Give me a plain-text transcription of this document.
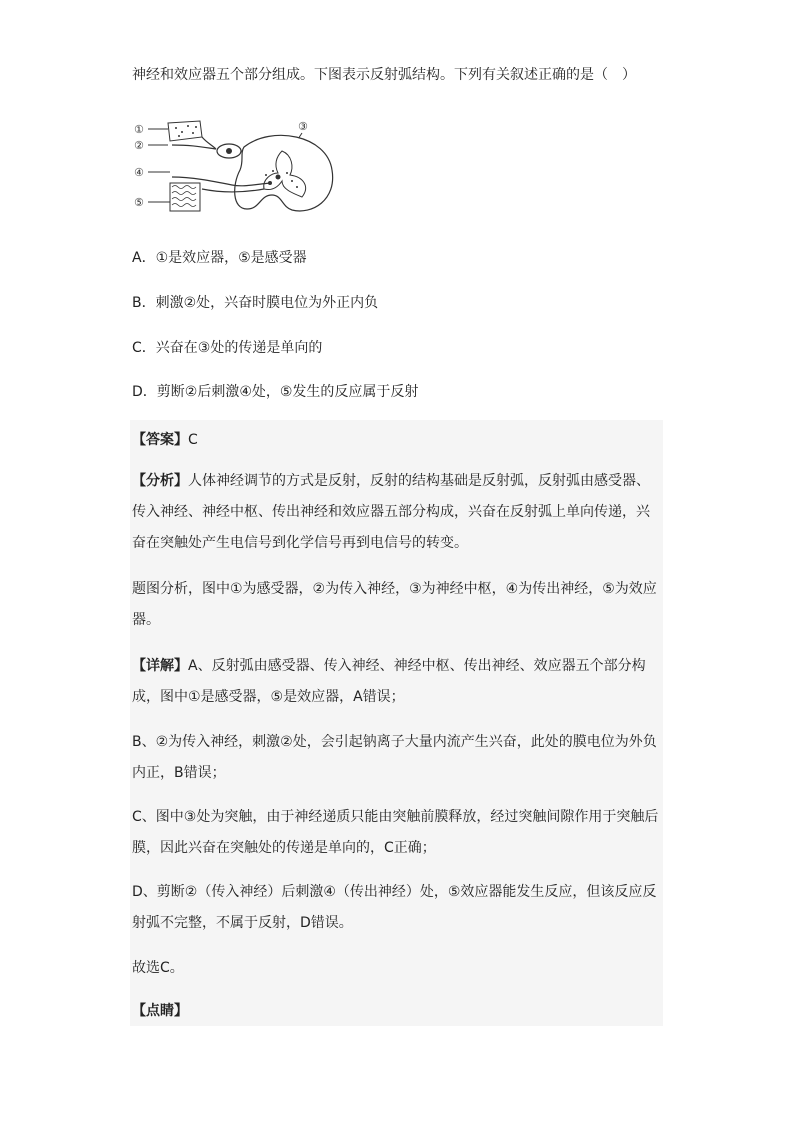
神经和效应器五个部分组成。下图表示反射弧结构。下列有关叙述正确的是（　）
①
②
③
④
⑤
A．①是效应器，⑤是感受器
B．刺激②处，兴奋时膜电位为外正内负
C．兴奋在③处的传递是单向的
D．剪断②后刺激④处，⑤发生的反应属于反射
【答案】C
【分析】人体神经调节的方式是反射，反射的结构基础是反射弧，反射弧由感受器、传入神经、神经中枢、传出神经和效应器五部分构成，兴奋在反射弧上单向传递，兴奋在突触处产生电信号到化学信号再到电信号的转变。
题图分析，图中①为感受器，②为传入神经，③为神经中枢，④为传出神经，⑤为效应器。
【详解】A、反射弧由感受器、传入神经、神经中枢、传出神经、效应器五个部分构成，图中①是感受器，⑤是效应器，A错误；
B、②为传入神经，刺激②处，会引起钠离子大量内流产生兴奋，此处的膜电位为外负内正，B错误；
C、图中③处为突触，由于神经递质只能由突触前膜释放，经过突触间隙作用于突触后膜，因此兴奋在突触处的传递是单向的，C正确；
D、剪断②（传入神经）后刺激④（传出神经）处，⑤效应器能发生反应，但该反应反射弧不完整，不属于反射，D错误。
故选C。
【点睛】
